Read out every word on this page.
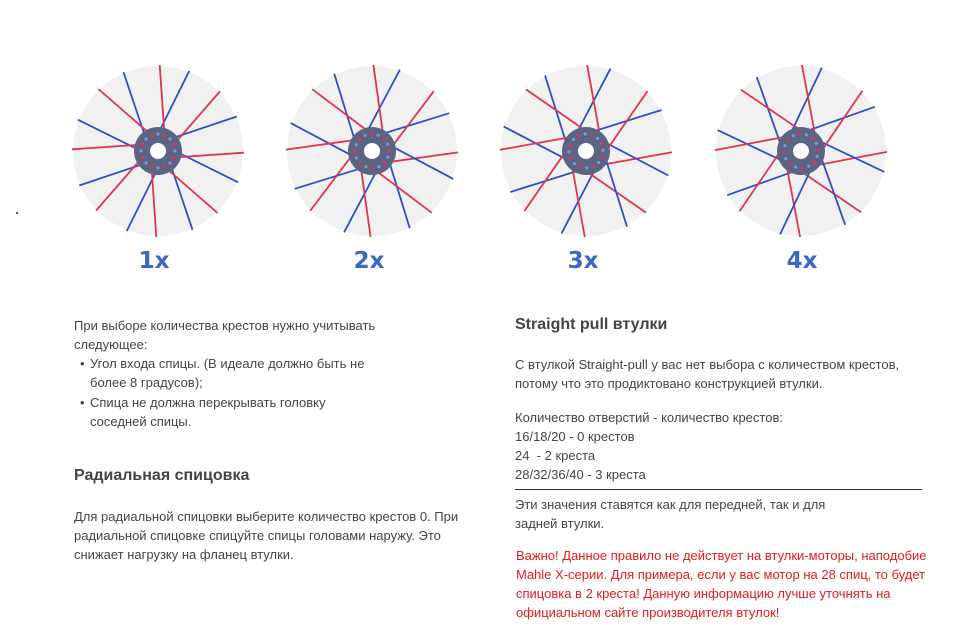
1x	2x	3x	4x
При выборе количества крестов нужно учитывать следующее:
• Угол входа спицы. (В идеале должно быть не более 8 градусов);
• Спица не должна перекрывать головку соседней спицы.
Радиальная спицовка
Для радиальной спицовки выберите количество крестов 0. При радиальной спицовке спицуйте спицы головами наружу. Это снижает нагрузку на фланец втулки.
Straight pull втулки
С втулкой Straight-pull у вас нет выбора с количеством крестов, потому что это продиктовано конструкцией втулки.
Количество отверстий - количество крестов:
16/18/20 - 0 крестов
24  - 2 креста
28/32/36/40 - 3 креста
Эти значения ставятся как для передней, так и для задней втулки.
Важно! Данное правило не действует на втулки-моторы, наподобие Mahle X-серии. Для примера, если у вас мотор на 28 спиц, то будет спицовка в 2 креста! Данную информацию лучше уточнять на официальном сайте производителя втулок!
